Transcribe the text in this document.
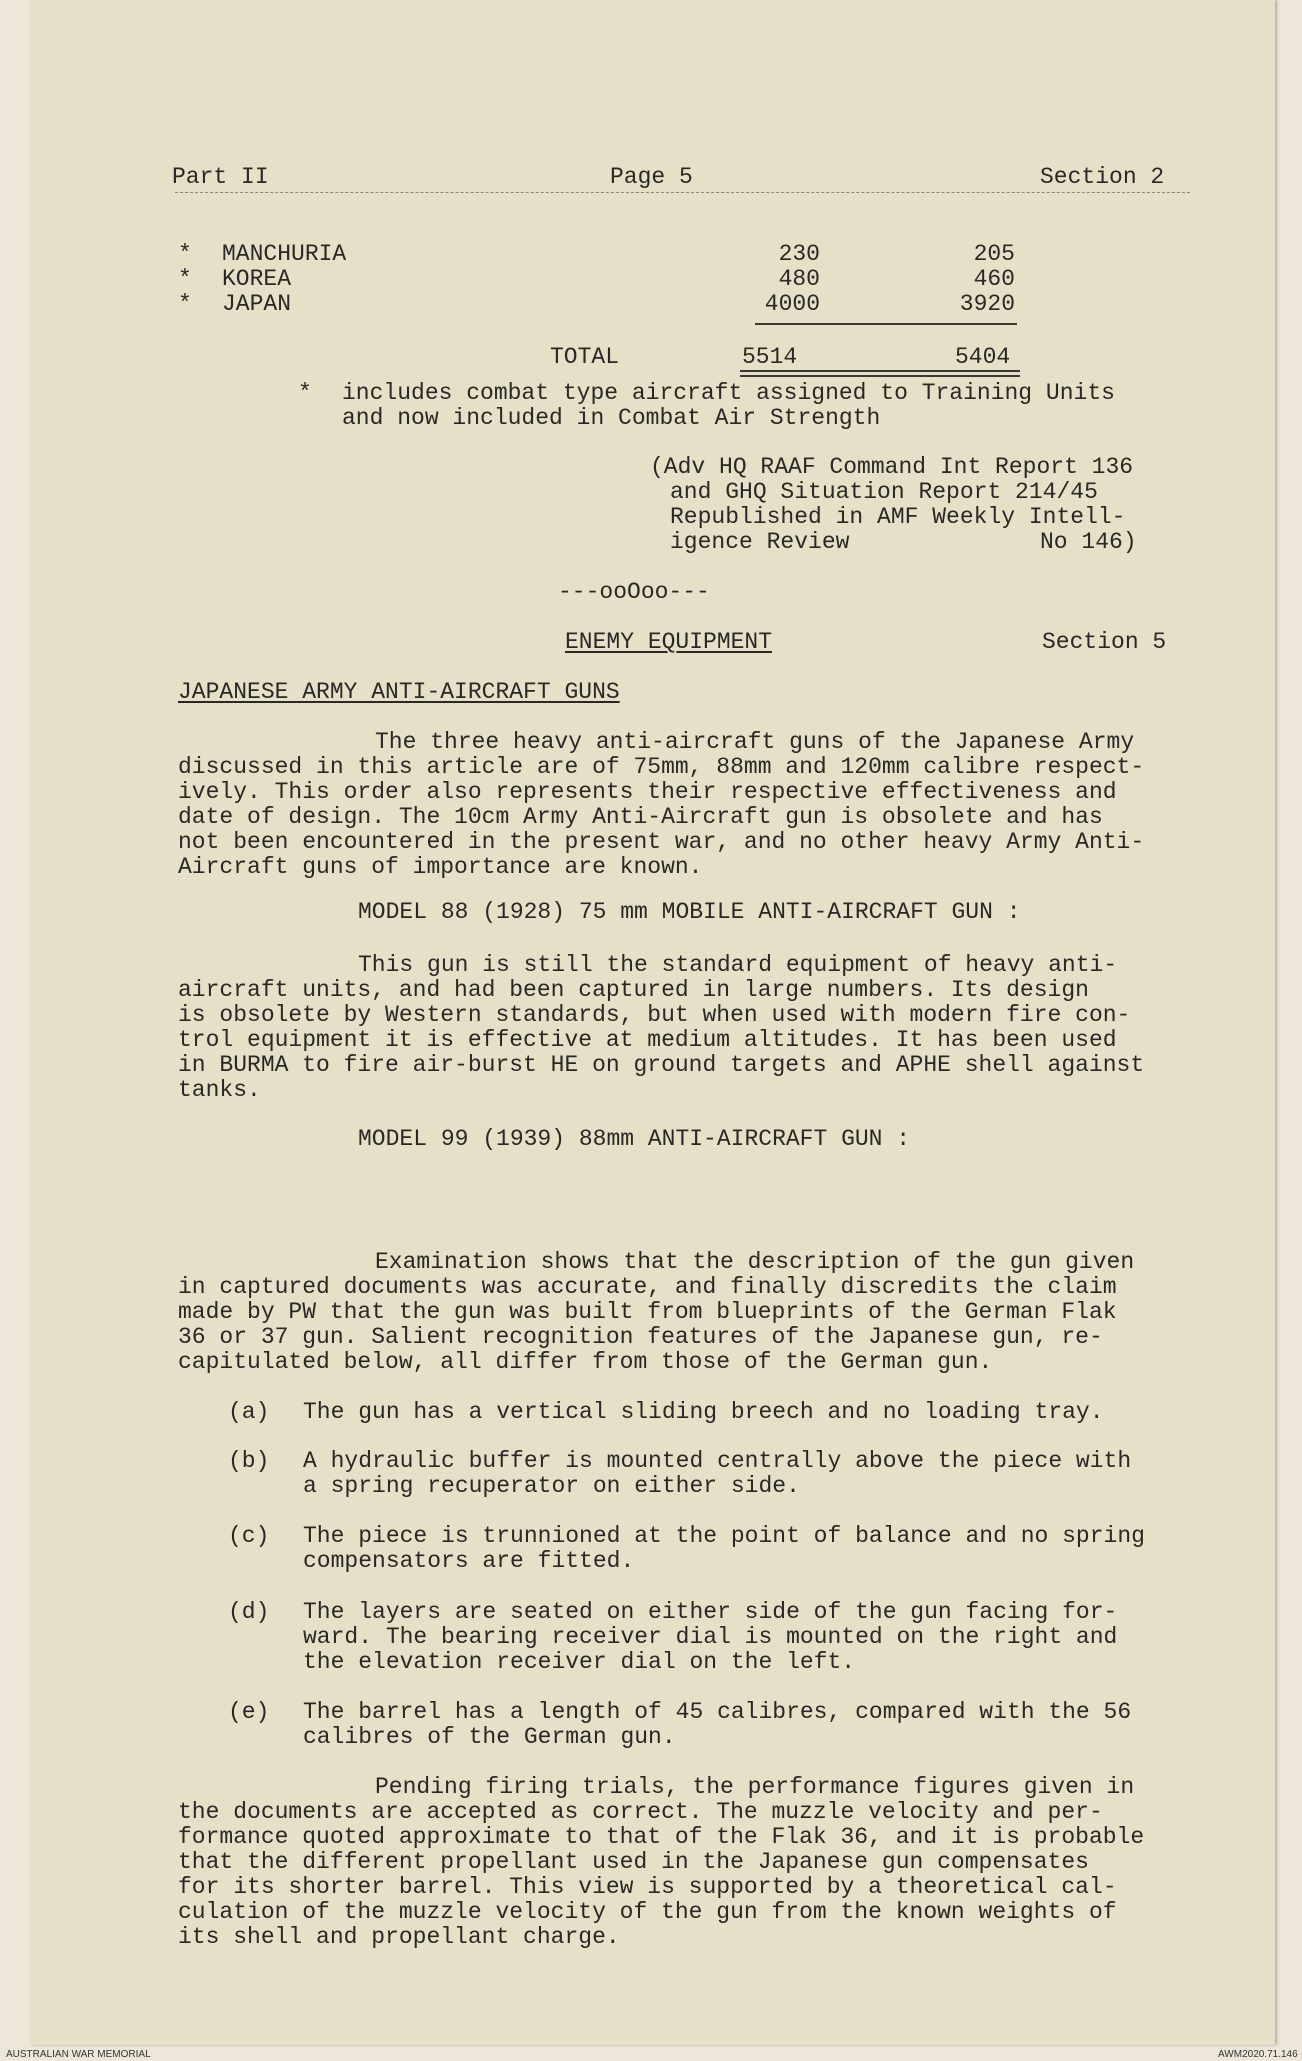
Part II	Page 5	Section 2
* MANCHURIA	230	205
* KOREA	480	460
* JAPAN	4000	3920
TOTAL	5514	5404
* includes combat type aircraft assigned to Training Units
and now included in Combat Air Strength
(Adv HQ RAAF Command Int Report 136
and GHQ Situation Report 214/45
Republished in AMF Weekly Intell-
igence Review	No 146)
---ooOoo---
ENEMY EQUIPMENT	Section 5
JAPANESE ARMY ANTI-AIRCRAFT GUNS
The three heavy anti-aircraft guns of the Japanese Army
discussed in this article are of 75mm, 88mm and 120mm calibre respect-
ively. This order also represents their respective effectiveness and
date of design. The 10cm Army Anti-Aircraft gun is obsolete and has
not been encountered in the present war, and no other heavy Army Anti-
Aircraft guns of importance are known.
MODEL 88 (1928) 75 mm MOBILE ANTI-AIRCRAFT GUN :
This gun is still the standard equipment of heavy anti-
aircraft units, and had been captured in large numbers. Its design
is obsolete by Western standards, but when used with modern fire con-
trol equipment it is effective at medium altitudes. It has been used
in BURMA to fire air-burst HE on ground targets and APHE shell against
tanks.
MODEL 99 (1939) 88mm ANTI-AIRCRAFT GUN :
Examination shows that the description of the gun given
in captured documents was accurate, and finally discredits the claim
made by PW that the gun was built from blueprints of the German Flak
36 or 37 gun. Salient recognition features of the Japanese gun, re-
capitulated below, all differ from those of the German gun.
(a) The gun has a vertical sliding breech and no loading tray.
(b) A hydraulic buffer is mounted centrally above the piece with
a spring recuperator on either side.
(c) The piece is trunnioned at the point of balance and no spring
compensators are fitted.
(d) The layers are seated on either side of the gun facing for-
ward. The bearing receiver dial is mounted on the right and
the elevation receiver dial on the left.
(e) The barrel has a length of 45 calibres, compared with the 56
calibres of the German gun.
Pending firing trials, the performance figures given in
the documents are accepted as correct. The muzzle velocity and per-
formance quoted approximate to that of the Flak 36, and it is probable
that the different propellant used in the Japanese gun compensates
for its shorter barrel. This view is supported by a theoretical cal-
culation of the muzzle velocity of the gun from the known weights of
its shell and propellant charge.
AUSTRALIAN WAR MEMORIAL	AWM2020.71.146
